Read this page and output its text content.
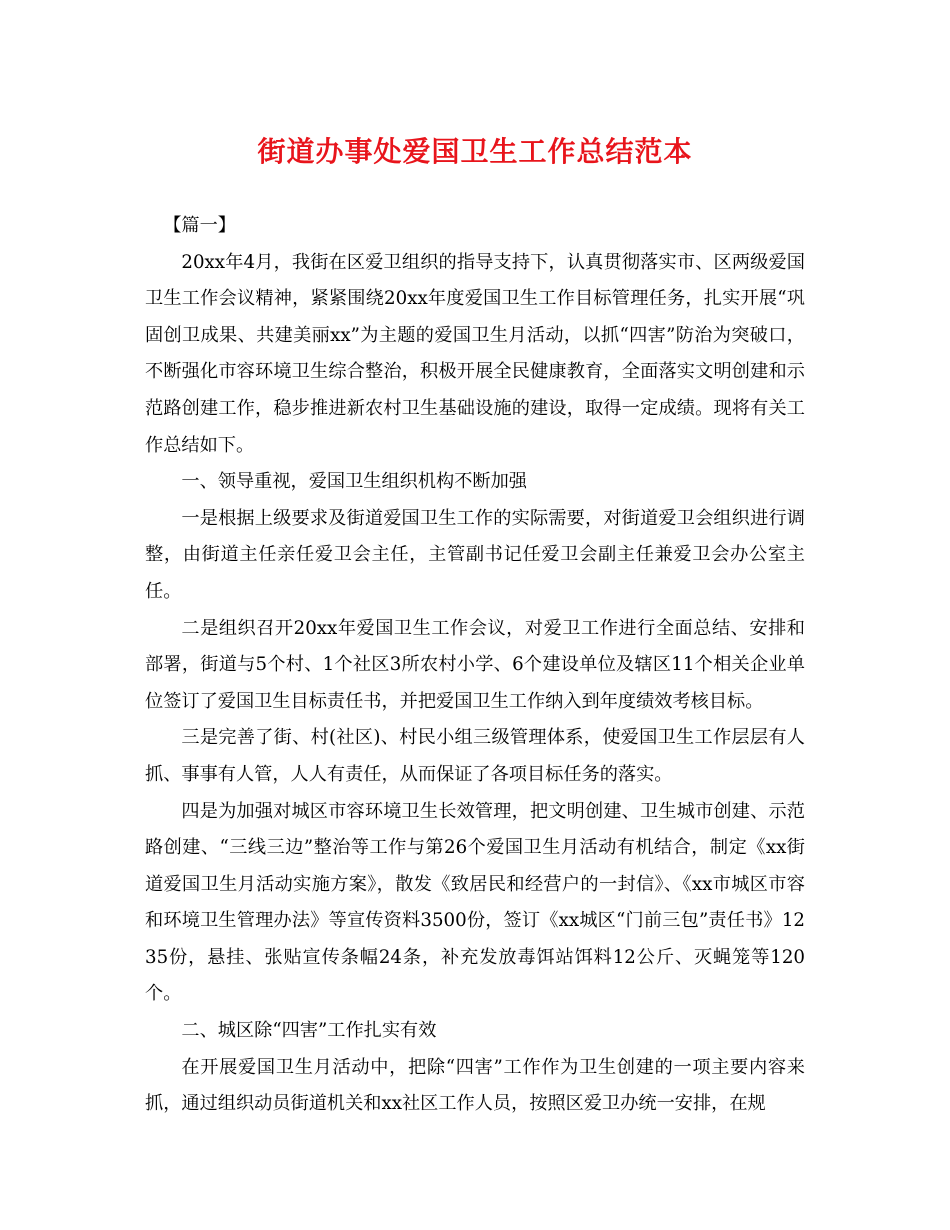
街道办事处爱国卫生工作总结范本

【篇一】

20xx年4月，我街在区爱卫组织的指导支持下，认真贯彻落实市、区两级爱国卫生工作会议精神，紧紧围绕20xx年度爱国卫生工作目标管理任务，扎实开展“巩固创卫成果、共建美丽xx”为主题的爱国卫生月活动，以抓“四害”防治为突破口，不断强化市容环境卫生综合整治，积极开展全民健康教育，全面落实文明创建和示范路创建工作，稳步推进新农村卫生基础设施的建设，取得一定成绩。现将有关工作总结如下。

一、领导重视，爱国卫生组织机构不断加强

一是根据上级要求及街道爱国卫生工作的实际需要，对街道爱卫会组织进行调整，由街道主任亲任爱卫会主任，主管副书记任爱卫会副主任兼爱卫会办公室主任。

二是组织召开20xx年爱国卫生工作会议，对爱卫工作进行全面总结、安排和部署，街道与5个村、1个社区3所农村小学、6个建设单位及辖区11个相关企业单位签订了爱国卫生目标责任书，并把爱国卫生工作纳入到年度绩效考核目标。

三是完善了街、村(社区)、村民小组三级管理体系，使爱国卫生工作层层有人抓、事事有人管，人人有责任，从而保证了各项目标任务的落实。

四是为加强对城区市容环境卫生长效管理，把文明创建、卫生城市创建、示范路创建、“三线三边”整治等工作与第26个爱国卫生月活动有机结合，制定《xx街道爱国卫生月活动实施方案》，散发《致居民和经营户的一封信》、《xx市城区市容和环境卫生管理办法》等宣传资料3500份，签订《xx城区“门前三包”责任书》1235份，悬挂、张贴宣传条幅24条，补充发放毒饵站饵料12公斤、灭蝇笼等120个。

二、城区除“四害”工作扎实有效

在开展爱国卫生月活动中，把除“四害”工作作为卫生创建的一项主要内容来抓，通过组织动员街道机关和xx社区工作人员，按照区爱卫办统一安排，在规
